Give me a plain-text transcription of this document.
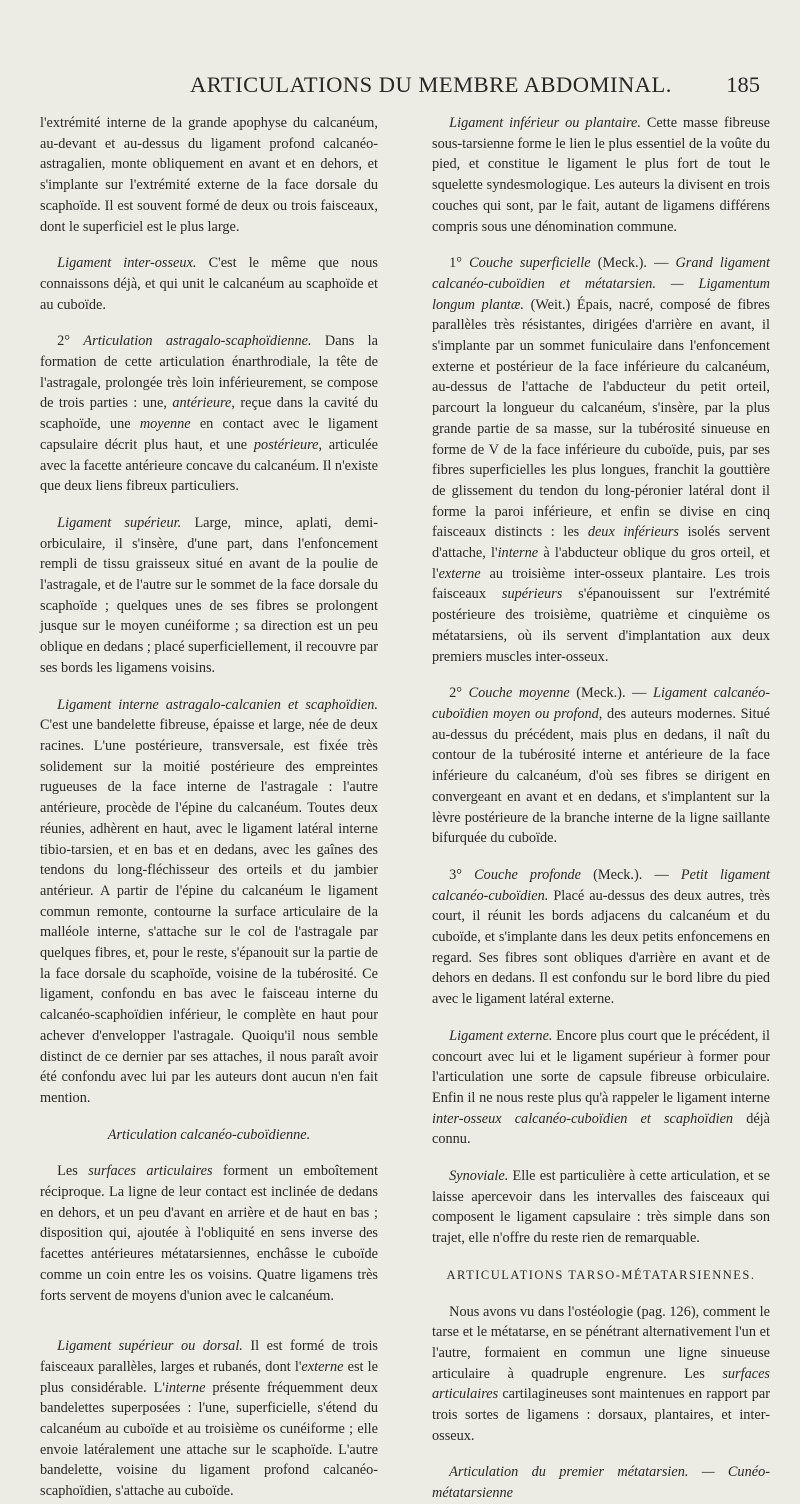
ARTICULATIONS DU MEMBRE ABDOMINAL. 185

l'extrémité interne de la grande apophyse du calcanéum, au-devant et au-dessus du ligament profond calcanéo-astragalien, monte obliquement en avant et en dehors, et s'implante sur l'extrémité externe de la face dorsale du scaphoïde. Il est souvent formé de deux ou trois faisceaux, dont le superficiel est le plus large.

Ligament inter-osseux. C'est le même que nous connaissons déjà, et qui unit le calcanéum au scaphoïde et au cuboïde.

2° Articulation astragalo-scaphoïdienne. Dans la formation de cette articulation énarthrodiale, la tête de l'astragale, prolongée très loin inférieurement, se compose de trois parties : une, antérieure, reçue dans la cavité du scaphoïde, une moyenne en contact avec le ligament capsulaire décrit plus haut, et une postérieure, articulée avec la facette antérieure concave du calcanéum. Il n'existe que deux liens fibreux particuliers.

Ligament supérieur. Large, mince, aplati, demi-orbiculaire, il s'insère, d'une part, dans l'enfoncement rempli de tissu graisseux situé en avant de la poulie de l'astragale, et de l'autre sur le sommet de la face dorsale du scaphoïde ; quelques unes de ses fibres se prolongent jusque sur le moyen cunéiforme ; sa direction est un peu oblique en dedans ; placé superficiellement, il recouvre par ses bords les ligamens voisins.

Ligament interne astragalo-calcanien et scaphoïdien. C'est une bandelette fibreuse, épaisse et large, née de deux racines. L'une postérieure, transversale, est fixée très solidement sur la moitié postérieure des empreintes rugueuses de la face interne de l'astragale : l'autre antérieure, procède de l'épine du calcanéum. Toutes deux réunies, adhèrent en haut, avec le ligament latéral interne tibio-tarsien, et en bas et en dedans, avec les gaînes des tendons du long-fléchisseur des orteils et du jambier antérieur. A partir de l'épine du calcanéum le ligament commun remonte, contourne la surface articulaire de la malléole interne, s'attache sur le col de l'astragale par quelques fibres, et, pour le reste, s'épanouit sur la partie de la face dorsale du scaphoïde, voisine de la tubérosité. Ce ligament, confondu en bas avec le faisceau interne du calcanéo-scaphoïdien inférieur, le complète en haut pour achever d'envelopper l'astragale. Quoiqu'il nous semble distinct de ce dernier par ses attaches, il nous paraît avoir été confondu avec lui par les auteurs dont aucun n'en fait mention.

Articulation calcanéo-cuboïdienne.

Les surfaces articulaires forment un emboîtement réciproque. La ligne de leur contact est inclinée de dedans en dehors, et un peu d'avant en arrière et de haut en bas ; disposition qui, ajoutée à l'obliquité en sens inverse des facettes antérieures métatarsiennes, enchâsse le cuboïde comme un coin entre les os voisins. Quatre ligamens très forts servent de moyens d'union avec le calcanéum.

Ligament supérieur ou dorsal. Il est formé de trois faisceaux parallèles, larges et rubanés, dont l'externe est le plus considérable. L'interne présente fréquemment deux bandelettes superposées : l'une, superficielle, s'étend du calcanéum au cuboïde et au troisième os cunéiforme ; elle envoie latéralement une attache sur le scaphoïde. L'autre bandelette, voisine du ligament profond calcanéo-scaphoïdien, s'attache au cuboïde.

Ligament inférieur ou plantaire. Cette masse fibreuse sous-tarsienne forme le lien le plus essentiel de la voûte du pied, et constitue le ligament le plus fort de tout le squelette syndesmologique. Les auteurs la divisent en trois couches qui sont, par le fait, autant de ligamens différens compris sous une dénomination commune.

1° Couche superficielle (Meck.). — Grand ligament calcanéo-cuboïdien et métatarsien. — Ligamentum longum plantæ. (Weit.) Épais, nacré, composé de fibres parallèles très résistantes, dirigées d'arrière en avant, il s'implante par un sommet funiculaire dans l'enfoncement externe et postérieur de la face inférieure du calcanéum, au-dessus de l'attache de l'abducteur du petit orteil, parcourt la longueur du calcanéum, s'insère, par la plus grande partie de sa masse, sur la tubérosité sinueuse en forme de V de la face inférieure du cuboïde, puis, par ses fibres superficielles les plus longues, franchit la gouttière de glissement du tendon du long-péronier latéral dont il forme la paroi inférieure, et enfin se divise en cinq faisceaux distincts : les deux inférieurs isolés servent d'attache, l'interne à l'abducteur oblique du gros orteil, et l'externe au troisième inter-osseux plantaire. Les trois faisceaux supérieurs s'épanouissent sur l'extrémité postérieure des troisième, quatrième et cinquième os métatarsiens, où ils servent d'implantation aux deux premiers muscles inter-osseux.

2° Couche moyenne (Meck.). — Ligament calcanéo-cuboïdien moyen ou profond, des auteurs modernes. Situé au-dessus du précédent, mais plus en dedans, il naît du contour de la tubérosité interne et antérieure de la face inférieure du calcanéum, d'où ses fibres se dirigent en convergeant en avant et en dedans, et s'implantent sur la lèvre postérieure de la branche interne de la ligne saillante bifurquée du cuboïde.

3° Couche profonde (Meck.). — Petit ligament calcanéo-cuboïdien. Placé au-dessus des deux autres, très court, il réunit les bords adjacens du calcanéum et du cuboïde, et s'implante dans les deux petits enfoncemens en regard. Ses fibres sont obliques d'arrière en avant et de dehors en dedans. Il est confondu sur le bord libre du pied avec le ligament latéral externe.

Ligament externe. Encore plus court que le précédent, il concourt avec lui et le ligament supérieur à former pour l'articulation une sorte de capsule fibreuse orbiculaire. Enfin il ne nous reste plus qu'à rappeler le ligament interne inter-osseux calcanéo-cuboïdien et scaphoïdien déjà connu.

Synoviale. Elle est particulière à cette articulation, et se laisse apercevoir dans les intervalles des faisceaux qui composent le ligament capsulaire : très simple dans son trajet, elle n'offre du reste rien de remarquable.

ARTICULATIONS TARSO-MÉTATARSIENNES.

Nous avons vu dans l'ostéologie (pag. 126), comment le tarse et le métatarse, en se pénétrant alternativement l'un et l'autre, formaient en commun une ligne sinueuse articulaire à quadruple engrenure. Les surfaces articulaires cartilagineuses sont maintenues en rapport par trois sortes de ligamens : dorsaux, plantaires, et inter-osseux.

Articulation du premier métatarsien. — Cunéo-métatarsienne
